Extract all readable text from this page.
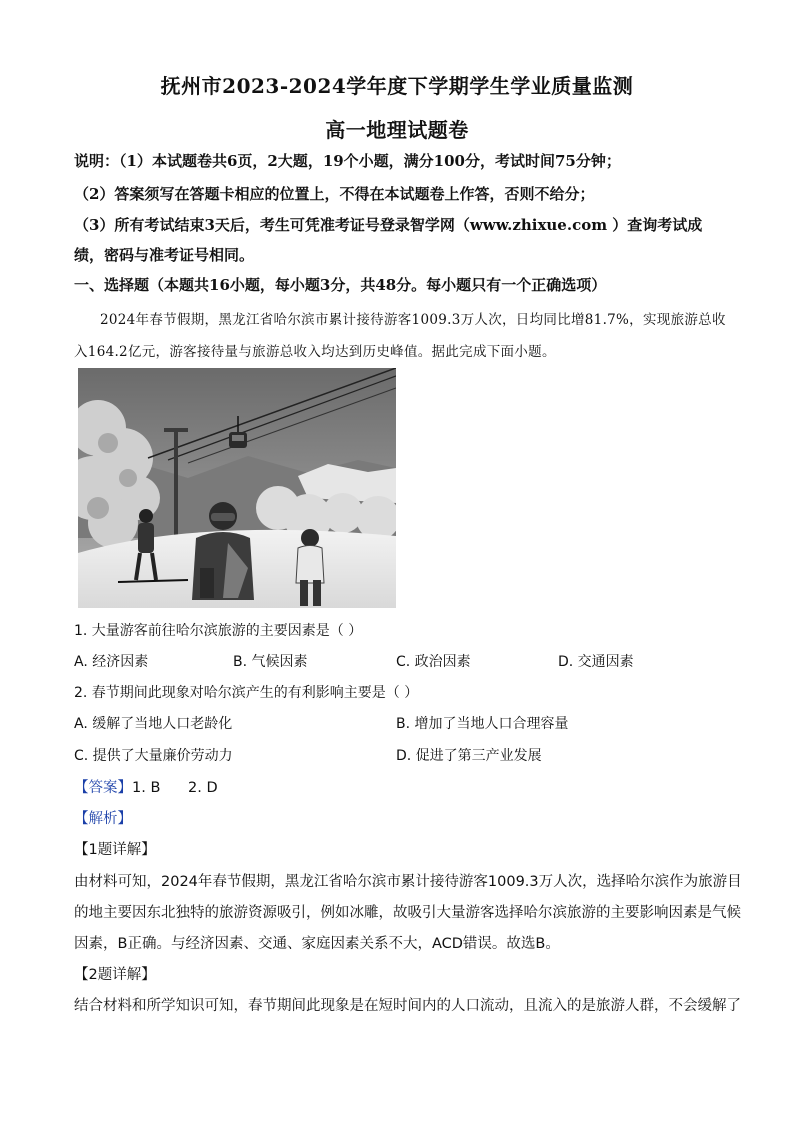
抚州市2023-2024学年度下学期学生学业质量监测
高一地理试题卷
说明：（1）本试题卷共6页，2大题，19个小题，满分100分，考试时间75分钟；
（2）答案须写在答题卡相应的位置上，不得在本试题卷上作答，否则不给分；
（3）所有考试结束3天后，考生可凭准考证号登录智学网（www.zhixue.com ）查询考试成
绩，密码与准考证号相同。
一、选择题（本题共16小题，每小题3分，共48分。每小题只有一个正确选项）
2024年春节假期，黑龙江省哈尔滨市累计接待游客1009.3万人次，日均同比增81.7%，实现旅游总收
入164.2亿元，游客接待量与旅游总收入均达到历史峰值。据此完成下面小题。
1. 大量游客前往哈尔滨旅游的主要因素是（ ）
A. 经济因素	B. 气候因素	C. 政治因素	D. 交通因素
2. 春节期间此现象对哈尔滨产生的有利影响主要是（ ）
A. 缓解了当地人口老龄化	B. 增加了当地人口合理容量
C. 提供了大量廉价劳动力	D. 促进了第三产业发展
【答案】1. B      2. D
【解析】
【1题详解】
由材料可知，2024年春节假期，黑龙江省哈尔滨市累计接待游客1009.3万人次，选择哈尔滨作为旅游目
的地主要因东北独特的旅游资源吸引，例如冰雕，故吸引大量游客选择哈尔滨旅游的主要影响因素是气候
因素，B正确。与经济因素、交通、家庭因素关系不大，ACD错误。故选B。
【2题详解】
结合材料和所学知识可知，春节期间此现象是在短时间内的人口流动，且流入的是旅游人群，不会缓解了
